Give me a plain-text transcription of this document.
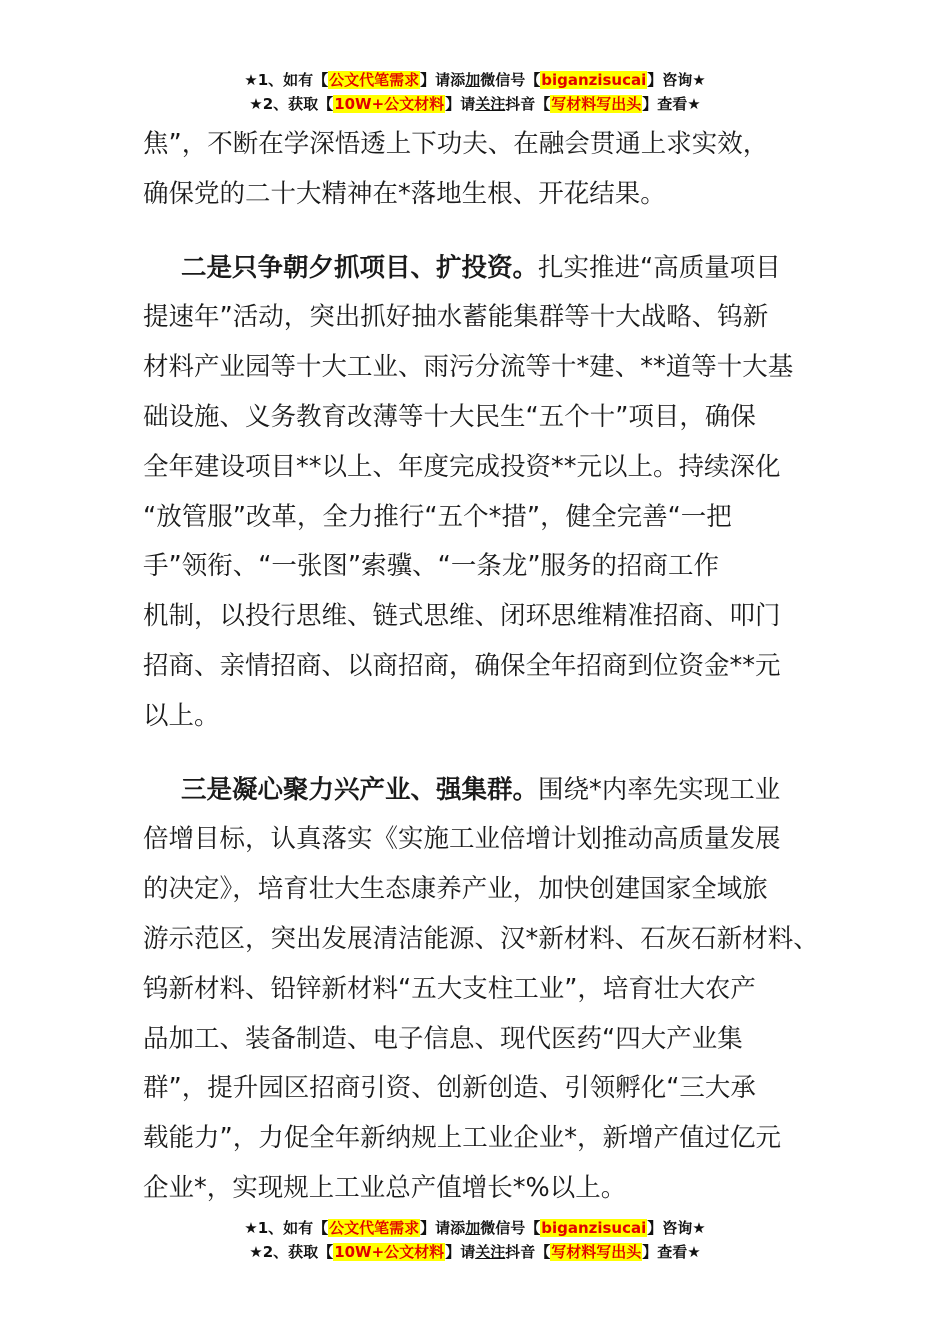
★1、如有【公文代笔需求】请添加微信号【biganzisucai】咨询★
★2、获取【10W+公文材料】请关注抖音【写材料写出头】查看★
焦”，不断在学深悟透上下功夫、在融会贯通上求实效，
确保党的二十大精神在*落地生根、开花结果。
二是只争朝夕抓项目、扩投资。扎实推进“高质量项目
提速年”活动，突出抓好抽水蓄能集群等十大战略、钨新
材料产业园等十大工业、雨污分流等十*建、**道等十大基
础设施、义务教育改薄等十大民生“五个十”项目，确保
全年建设项目**以上、年度完成投资**元以上。持续深化
“放管服”改革，全力推行“五个*措”，健全完善“一把
手”领衔、“一张图”索骥、“一条龙”服务的招商工作
机制，以投行思维、链式思维、闭环思维精准招商、叩门
招商、亲情招商、以商招商，确保全年招商到位资金**元
以上。
三是凝心聚力兴产业、强集群。围绕*内率先实现工业
倍增目标，认真落实《实施工业倍增计划推动高质量发展
的决定》，培育壮大生态康养产业，加快创建国家全域旅
游示范区，突出发展清洁能源、汉*新材料、石灰石新材料、
钨新材料、铅锌新材料“五大支柱工业”，培育壮大农产
品加工、装备制造、电子信息、现代医药“四大产业集
群”，提升园区招商引资、创新创造、引领孵化“三大承
载能力”，力促全年新纳规上工业企业*，新增产值过亿元
企业*，实现规上工业总产值增长*%以上。
★1、如有【公文代笔需求】请添加微信号【biganzisucai】咨询★
★2、获取【10W+公文材料】请关注抖音【写材料写出头】查看★
